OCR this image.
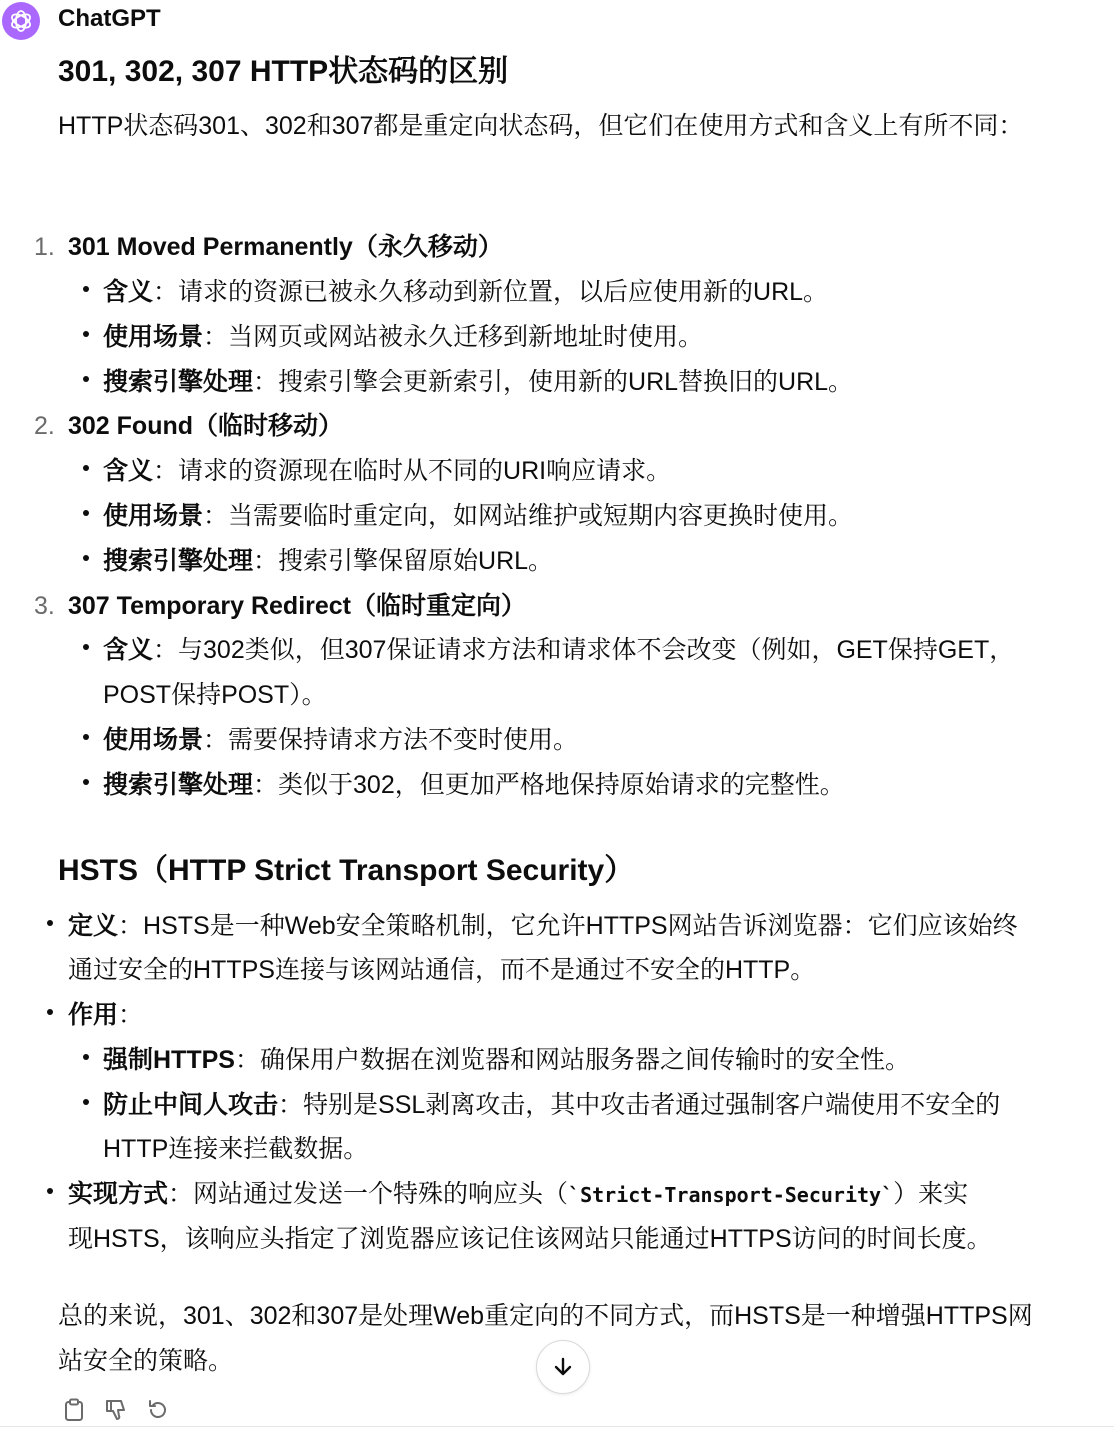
ChatGPT
301, 302, 307 HTTP状态码的区别

HTTP状态码301、302和307都是重定向状态码，但它们在使用方式和含义上有所不同：

1. 301 Moved Permanently（永久移动）
含义：请求的资源已被永久移动到新位置，以后应使用新的URL。
使用场景：当网页或网站被永久迁移到新地址时使用。
搜索引擎处理：搜索引擎会更新索引，使用新的URL替换旧的URL。
2. 302 Found（临时移动）
含义：请求的资源现在临时从不同的URI响应请求。
使用场景：当需要临时重定向，如网站维护或短期内容更换时使用。
搜索引擎处理：搜索引擎保留原始URL。
3. 307 Temporary Redirect（临时重定向）
含义：与302类似，但307保证请求方法和请求体不会改变（例如，GET保持GET，
POST保持POST）。
使用场景：需要保持请求方法不变时使用。
搜索引擎处理：类似于302，但更加严格地保持原始请求的完整性。
HSTS（HTTP Strict Transport Security）
定义：HSTS是一种Web安全策略机制，它允许HTTPS网站告诉浏览器：它们应该始终
通过安全的HTTPS连接与该网站通信，而不是通过不安全的HTTP。
作用：
强制HTTPS：确保用户数据在浏览器和网站服务器之间传输时的安全性。
防止中间人攻击：特别是SSL剥离攻击，其中攻击者通过强制客户端使用不安全的
HTTP连接来拦截数据。
实现方式：网站通过发送一个特殊的响应头（`Strict-Transport-Security`）来实
现HSTS，该响应头指定了浏览器应该记住该网站只能通过HTTPS访问的时间长度。

总的来说，301、302和307是处理Web重定向的不同方式，而HSTS是一种增强HTTPS网站安全的策略。
